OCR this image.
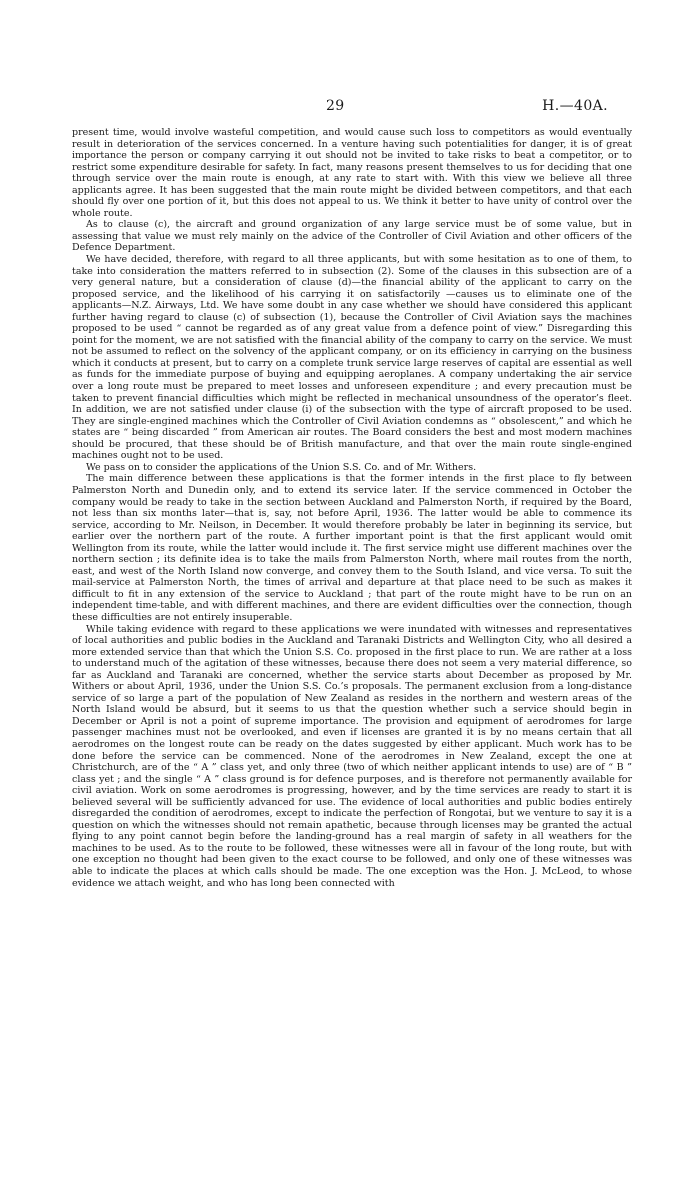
29	H.—40A.

present time, would involve wasteful competition, and would cause such loss to competitors as would eventually result in deterioration of the services concerned. In a venture having such potentialities for danger, it is of great importance the person or company carrying it out should not be invited to take risks to beat a competitor, or to restrict some expenditure desirable for safety. In fact, many reasons present themselves to us for deciding that one through service over the main route is enough, at any rate to start with. With this view we believe all three applicants agree. It has been suggested that the main route might be divided between competitors, and that each should fly over one portion of it, but this does not appeal to us. We think it better to have unity of control over the whole route.

As to clause (c), the aircraft and ground organization of any large service must be of some value, but in assessing that value we must rely mainly on the advice of the Controller of Civil Aviation and other officers of the Defence Department.

We have decided, therefore, with regard to all three applicants, but with some hesitation as to one of them, to take into consideration the matters referred to in subsection (2). Some of the clauses in this subsection are of a very general nature, but a consideration of clause (d)—the financial ability of the applicant to carry on the proposed service, and the likelihood of his carrying it on satisfactorily —causes us to eliminate one of the applicants—N.Z. Airways, Ltd. We have some doubt in any case whether we should have considered this applicant further having regard to clause (c) of subsection (1), because the Controller of Civil Aviation says the machines proposed to be used “ cannot be regarded as of any great value from a defence point of view.” Disregarding this point for the moment, we are not satisfied with the financial ability of the company to carry on the service. We must not be assumed to reflect on the solvency of the applicant company, or on its efficiency in carrying on the business which it conducts at present, but to carry on a complete trunk service large reserves of capital are essential as well as funds for the immediate purpose of buying and equipping aeroplanes. A company undertaking the air service over a long route must be prepared to meet losses and unforeseen expenditure ; and every precaution must be taken to prevent financial difficulties which might be reflected in mechanical unsoundness of the operator’s fleet. In addition, we are not satisfied under clause (i) of the subsection with the type of aircraft proposed to be used. They are single-engined machines which the Controller of Civil Aviation condemns as “ obsolescent,” and which he states are “ being discarded ” from American air routes. The Board considers the best and most modern machines should be procured, that these should be of British manufacture, and that over the main route single-engined machines ought not to be used.

We pass on to consider the applications of the Union S.S. Co. and of Mr. Withers.

The main difference between these applications is that the former intends in the first place to fly between Palmerston North and Dunedin only, and to extend its service later. If the service commenced in October the company would be ready to take in the section between Auckland and Palmerston North, if required by the Board, not less than six months later—that is, say, not before April, 1936. The latter would be able to commence its service, according to Mr. Neilson, in December. It would therefore probably be later in beginning its service, but earlier over the northern part of the route. A further important point is that the first applicant would omit Wellington from its route, while the latter would include it. The first service might use different machines over the northern section ; its definite idea is to take the mails from Palmerston North, where mail routes from the north, east, and west of the North Island now converge, and convey them to the South Island, and vice versa. To suit the mail-service at Palmerston North, the times of arrival and departure at that place need to be such as makes it difficult to fit in any extension of the service to Auckland ; that part of the route might have to be run on an independent time-table, and with different machines, and there are evident difficulties over the connection, though these difficulties are not entirely insuperable.

While taking evidence with regard to these applications we were inundated with witnesses and representatives of local authorities and public bodies in the Auckland and Taranaki Districts and Wellington City, who all desired a more extended service than that which the Union S.S. Co. proposed in the first place to run. We are rather at a loss to understand much of the agitation of these witnesses, because there does not seem a very material difference, so far as Auckland and Taranaki are concerned, whether the service starts about December as proposed by Mr. Withers or about April, 1936, under the Union S.S. Co.’s proposals. The permanent exclusion from a long-distance service of so large a part of the population of New Zealand as resides in the northern and western areas of the North Island would be absurd, but it seems to us that the question whether such a service should begin in December or April is not a point of supreme importance. The provision and equipment of aerodromes for large passenger machines must not be overlooked, and even if licenses are granted it is by no means certain that all aerodromes on the longest route can be ready on the dates suggested by either applicant. Much work has to be done before the service can be commenced. None of the aerodromes in New Zealand, except the one at Christchurch, are of the “ A ” class yet, and only three (two of which neither applicant intends to use) are of “ B ” class yet ; and the single “ A ” class ground is for defence purposes, and is therefore not permanently available for civil aviation. Work on some aerodromes is progressing, however, and by the time services are ready to start it is believed several will be sufficiently advanced for use. The evidence of local authorities and public bodies entirely disregarded the condition of aerodromes, except to indicate the perfection of Rongotai, but we venture to say it is a question on which the witnesses should not remain apathetic, because through licenses may be granted the actual flying to any point cannot begin before the landing-ground has a real margin of safety in all weathers for the machines to be used. As to the route to be followed, these witnesses were all in favour of the long route, but with one exception no thought had been given to the exact course to be followed, and only one of these witnesses was able to indicate the places at which calls should be made. The one exception was the Hon. J. McLeod, to whose evidence we attach weight, and who has long been connected with
